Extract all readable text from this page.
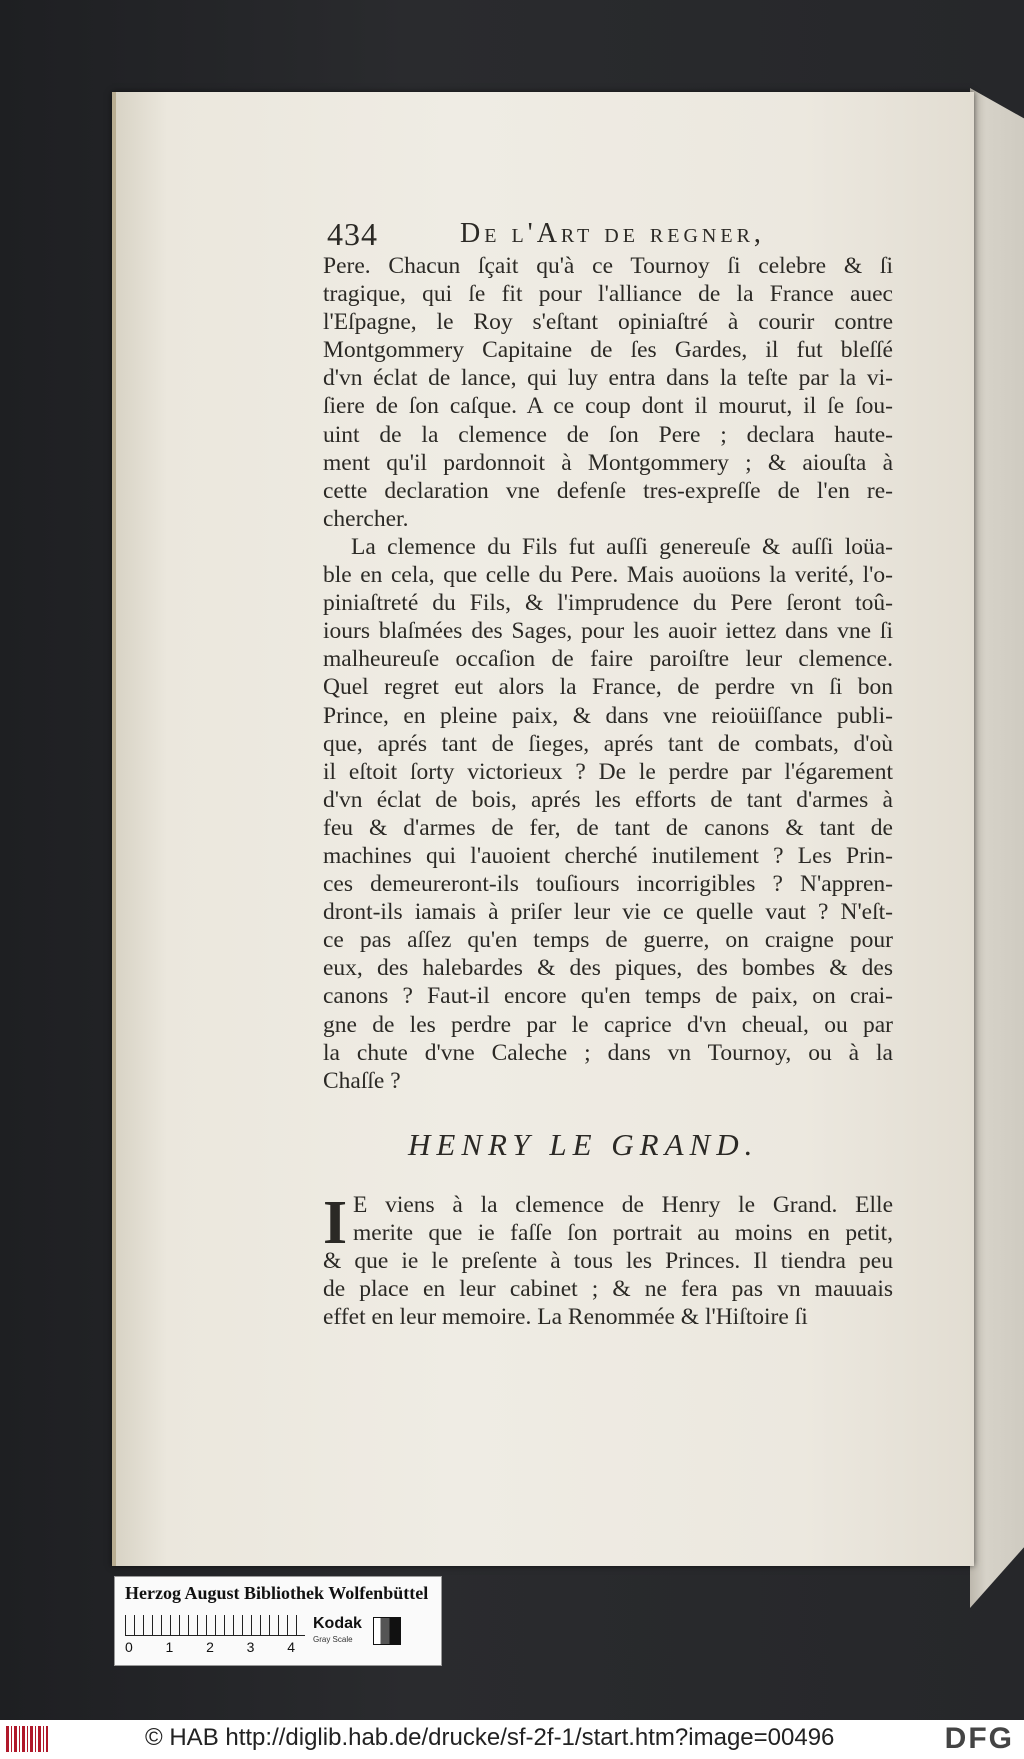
434	De l'Art de regner,
Pere. Chacun ſçait qu'à ce Tournoy ſi celebre & ſi
tragique, qui ſe fit pour l'alliance de la France auec
l'Eſpagne, le Roy s'eſtant opiniaſtré à courir contre
Montgommery Capitaine de ſes Gardes, il fut bleſſé
d'vn éclat de lance, qui luy entra dans la teſte par la vi-
ſiere de ſon caſque. A ce coup dont il mourut, il ſe ſou-
uint de la clemence de ſon Pere ; declara haute-
ment qu'il pardonnoit à Montgommery ; & aiouſta à
cette declaration vne defenſe tres-expreſſe de l'en re-
chercher.
La clemence du Fils fut auſſi genereuſe & auſſi loüa-
ble en cela, que celle du Pere. Mais auoüons la verité, l'o-
piniaſtreté du Fils, & l'imprudence du Pere ſeront toû-
iours blaſmées des Sages, pour les auoir iettez dans vne ſi
malheureuſe occaſion de faire paroiſtre leur clemence.
Quel regret eut alors la France, de perdre vn ſi bon
Prince, en pleine paix, & dans vne reioüiſſance publi-
que, aprés tant de ſieges, aprés tant de combats, d'où
il eſtoit ſorty victorieux ? De le perdre par l'égarement
d'vn éclat de bois, aprés les efforts de tant d'armes à
feu & d'armes de fer, de tant de canons & tant de
machines qui l'auoient cherché inutilement ? Les Prin-
ces demeureront-ils touſiours incorrigibles ? N'appren-
dront-ils iamais à priſer leur vie ce quelle vaut ? N'eſt-
ce pas aſſez qu'en temps de guerre, on craigne pour
eux, des halebardes & des piques, des bombes & des
canons ? Faut-il encore qu'en temps de paix, on crai-
gne de les perdre par le caprice d'vn cheual, ou par
la chute d'vne Caleche ; dans vn Tournoy, ou à la
Chaſſe ?
HENRY LE GRAND.
I E viens à la clemence de Henry le Grand. Elle
merite que ie faſſe ſon portrait au moins en petit,
& que ie le preſente à tous les Princes. Il tiendra peu
de place en leur cabinet ; & ne fera pas vn mauuais
effet en leur memoire. La Renommée & l'Hiſtoire ſi
Herzog August Bibliothek Wolfenbüttel
0 1 2 3 4
Kodak
Gray Scale
© HAB http://diglib.hab.de/drucke/sf-2f-1/start.htm?image=00496	DFG
